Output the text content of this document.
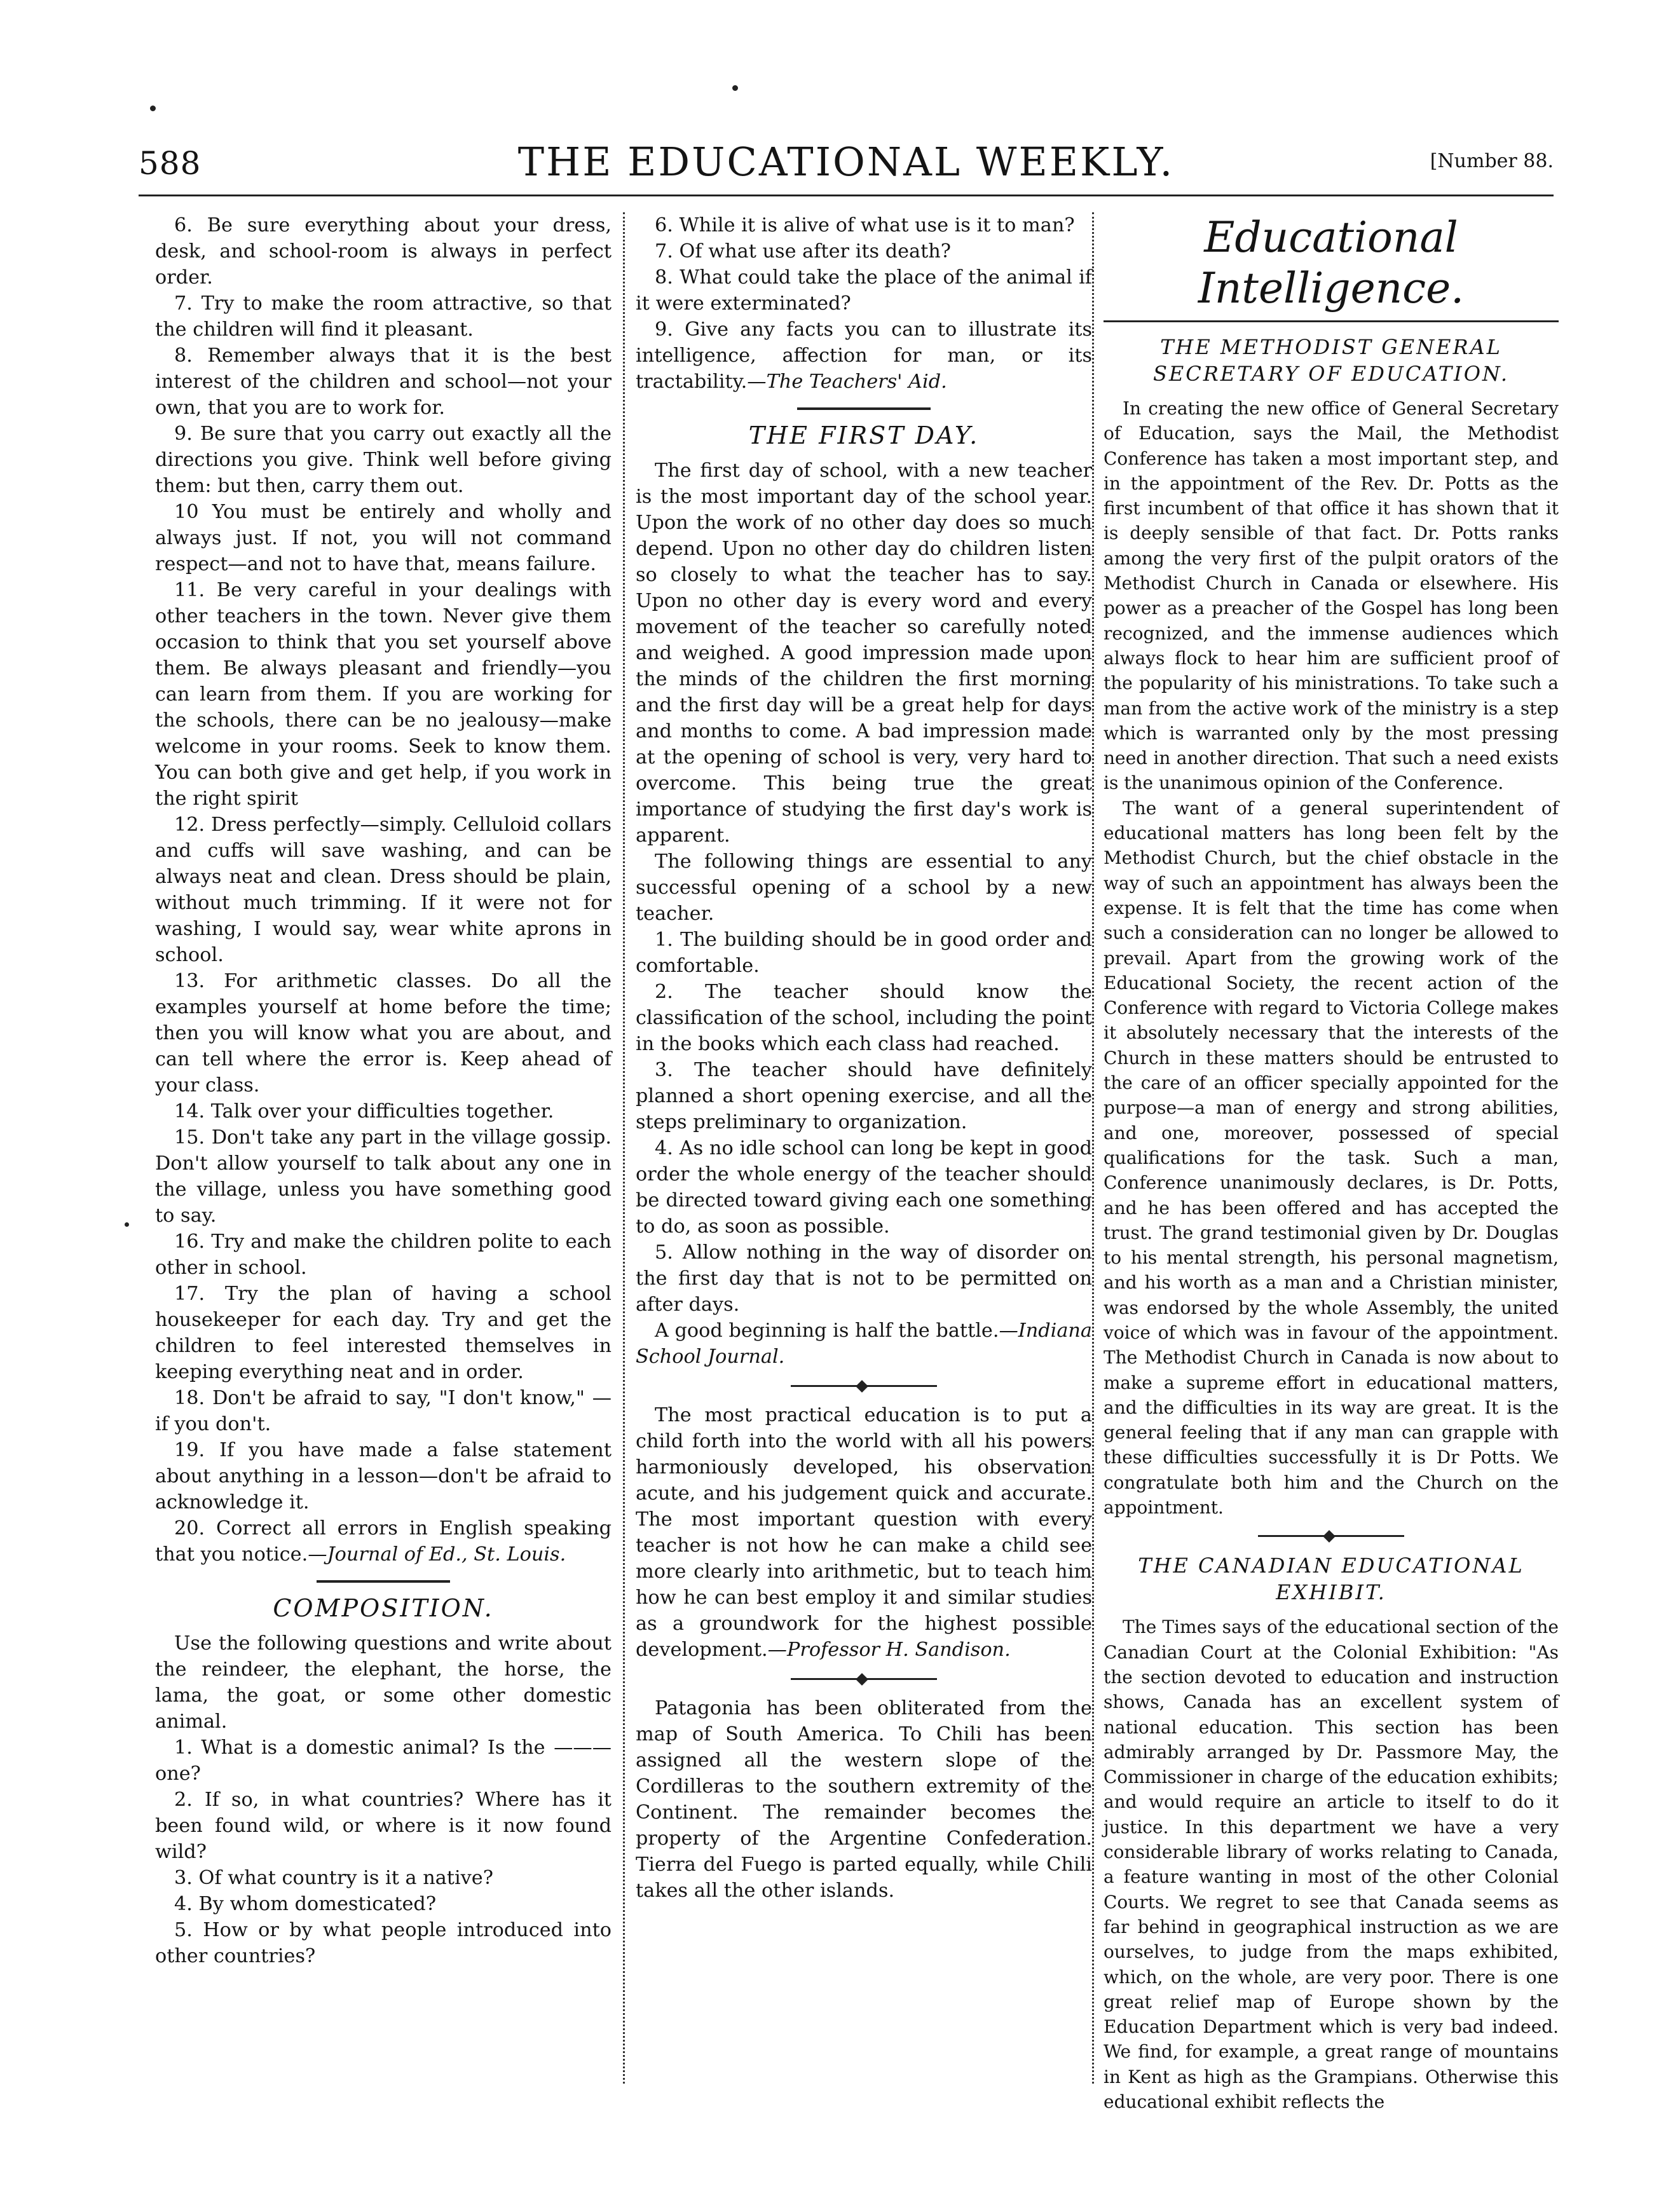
588	THE EDUCATIONAL WEEKLY.	[Number 88.

6. Be sure everything about your dress, desk, and school-room is always in perfect order.

7. Try to make the room attractive, so that the children will find it pleasant.

8. Remember always that it is the best interest of the children and school—not your own, that you are to work for.

9. Be sure that you carry out exactly all the directions you give. Think well before giving them: but then, carry them out.

10 You must be entirely and wholly and always just. If not, you will not command respect—and not to have that, means failure.

11. Be very careful in your dealings with other teachers in the town. Never give them occasion to think that you set yourself above them. Be always pleasant and friendly—you can learn from them. If you are working for the schools, there can be no jealousy—make welcome in your rooms. Seek to know them. You can both give and get help, if you work in the right spirit

12. Dress perfectly—simply. Celluloid collars and cuffs will save washing, and can be always neat and clean. Dress should be plain, without much trimming. If it were not for washing, I would say, wear white aprons in school.

13. For arithmetic classes. Do all the examples yourself at home before the time; then you will know what you are about, and can tell where the error is. Keep ahead of your class.

14. Talk over your difficulties together.

15. Don't take any part in the village gossip. Don't allow yourself to talk about any one in the village, unless you have something good to say.

16. Try and make the children polite to each other in school.

17. Try the plan of having a school housekeeper for each day. Try and get the children to feel interested themselves in keeping everything neat and in order.

18. Don't be afraid to say, "I don't know," —if you don't.

19. If you have made a false statement about anything in a lesson—don't be afraid to acknowledge it.

20. Correct all errors in English speaking that you notice.—Journal of Ed., St. Louis.

COMPOSITION.

Use the following questions and write about the reindeer, the elephant, the horse, the lama, the goat, or some other domestic animal.

1. What is a domestic animal? Is the ——— one?

2. If so, in what countries? Where has it been found wild, or where is it now found wild?

3. Of what country is it a native?

4. By whom domesticated?

5. How or by what people introduced into other countries?

6. While it is alive of what use is it to man?

7. Of what use after its death?

8. What could take the place of the animal if it were exterminated?

9. Give any facts you can to illustrate its intelligence, affection for man, or its tractability.—The Teachers' Aid.

THE FIRST DAY.

The first day of school, with a new teacher is the most important day of the school year. Upon the work of no other day does so much depend. Upon no other day do children listen so closely to what the teacher has to say. Upon no other day is every word and every movement of the teacher so carefully noted and weighed. A good impression made upon the minds of the children the first morning and the first day will be a great help for days and months to come. A bad impression made at the opening of school is very, very hard to overcome. This being true the great importance of studying the first day's work is apparent.

The following things are essential to any successful opening of a school by a new teacher.

1. The building should be in good order and comfortable.

2. The teacher should know the classification of the school, including the point in the books which each class had reached.

3. The teacher should have definitely planned a short opening exercise, and all the steps preliminary to organization.

4. As no idle school can long be kept in good order the whole energy of the teacher should be directed toward giving each one something to do, as soon as possible.

5. Allow nothing in the way of disorder on the first day that is not to be permitted on after days.

A good beginning is half the battle.—Indiana School Journal.

The most practical education is to put a child forth into the world with all his powers harmoniously developed, his observation acute, and his judgement quick and accurate. The most important question with every teacher is not how he can make a child see more clearly into arithmetic, but to teach him how he can best employ it and similar studies as a groundwork for the highest possible development.—Professor H. Sandison.

Patagonia has been obliterated from the map of South America. To Chili has been assigned all the western slope of the Cordilleras to the southern extremity of the Continent. The remainder becomes the property of the Argentine Confederation. Tierra del Fuego is parted equally, while Chili takes all the other islands.

Educational Intelligence.
THE METHODIST GENERAL SECRETARY OF EDUCATION.

In creating the new office of General Secretary of Education, says the Mail, the Methodist Conference has taken a most important step, and in the appointment of the Rev. Dr. Potts as the first incumbent of that office it has shown that it is deeply sensible of that fact. Dr. Potts ranks among the very first of the pulpit orators of the Methodist Church in Canada or elsewhere. His power as a preacher of the Gospel has long been recognized, and the immense audiences which always flock to hear him are sufficient proof of the popularity of his ministrations. To take such a man from the active work of the ministry is a step which is warranted only by the most pressing need in another direction. That such a need exists is the unanimous opinion of the Conference.

The want of a general superintendent of educational matters has long been felt by the Methodist Church, but the chief obstacle in the way of such an appointment has always been the expense. It is felt that the time has come when such a consideration can no longer be allowed to prevail. Apart from the growing work of the Educational Society, the recent action of the Conference with regard to Victoria College makes it absolutely necessary that the interests of the Church in these matters should be entrusted to the care of an officer specially appointed for the purpose—a man of energy and strong abilities, and one, moreover, possessed of special qualifications for the task. Such a man, Conference unanimously declares, is Dr. Potts, and he has been offered and has accepted the trust. The grand testimonial given by Dr. Douglas to his mental strength, his personal magnetism, and his worth as a man and a Christian minister, was endorsed by the whole Assembly, the united voice of which was in favour of the appointment. The Methodist Church in Canada is now about to make a supreme effort in educational matters, and the difficulties in its way are great. It is the general feeling that if any man can grapple with these difficulties successfully it is Dr Potts. We congratulate both him and the Church on the appointment.

THE CANADIAN EDUCATIONAL EXHIBIT.

The Times says of the educational section of the Canadian Court at the Colonial Exhibition: "As the section devoted to education and instruction shows, Canada has an excellent system of national education. This section has been admirably arranged by Dr. Passmore May, the Commissioner in charge of the education exhibits; and would require an article to itself to do it justice. In this department we have a very considerable library of works relating to Canada, a feature wanting in most of the other Colonial Courts. We regret to see that Canada seems as far behind in geographical instruction as we are ourselves, to judge from the maps exhibited, which, on the whole, are very poor. There is one great relief map of Europe shown by the Education Department which is very bad indeed. We find, for example, a great range of mountains in Kent as high as the Grampians. Otherwise this educational exhibit reflects the
